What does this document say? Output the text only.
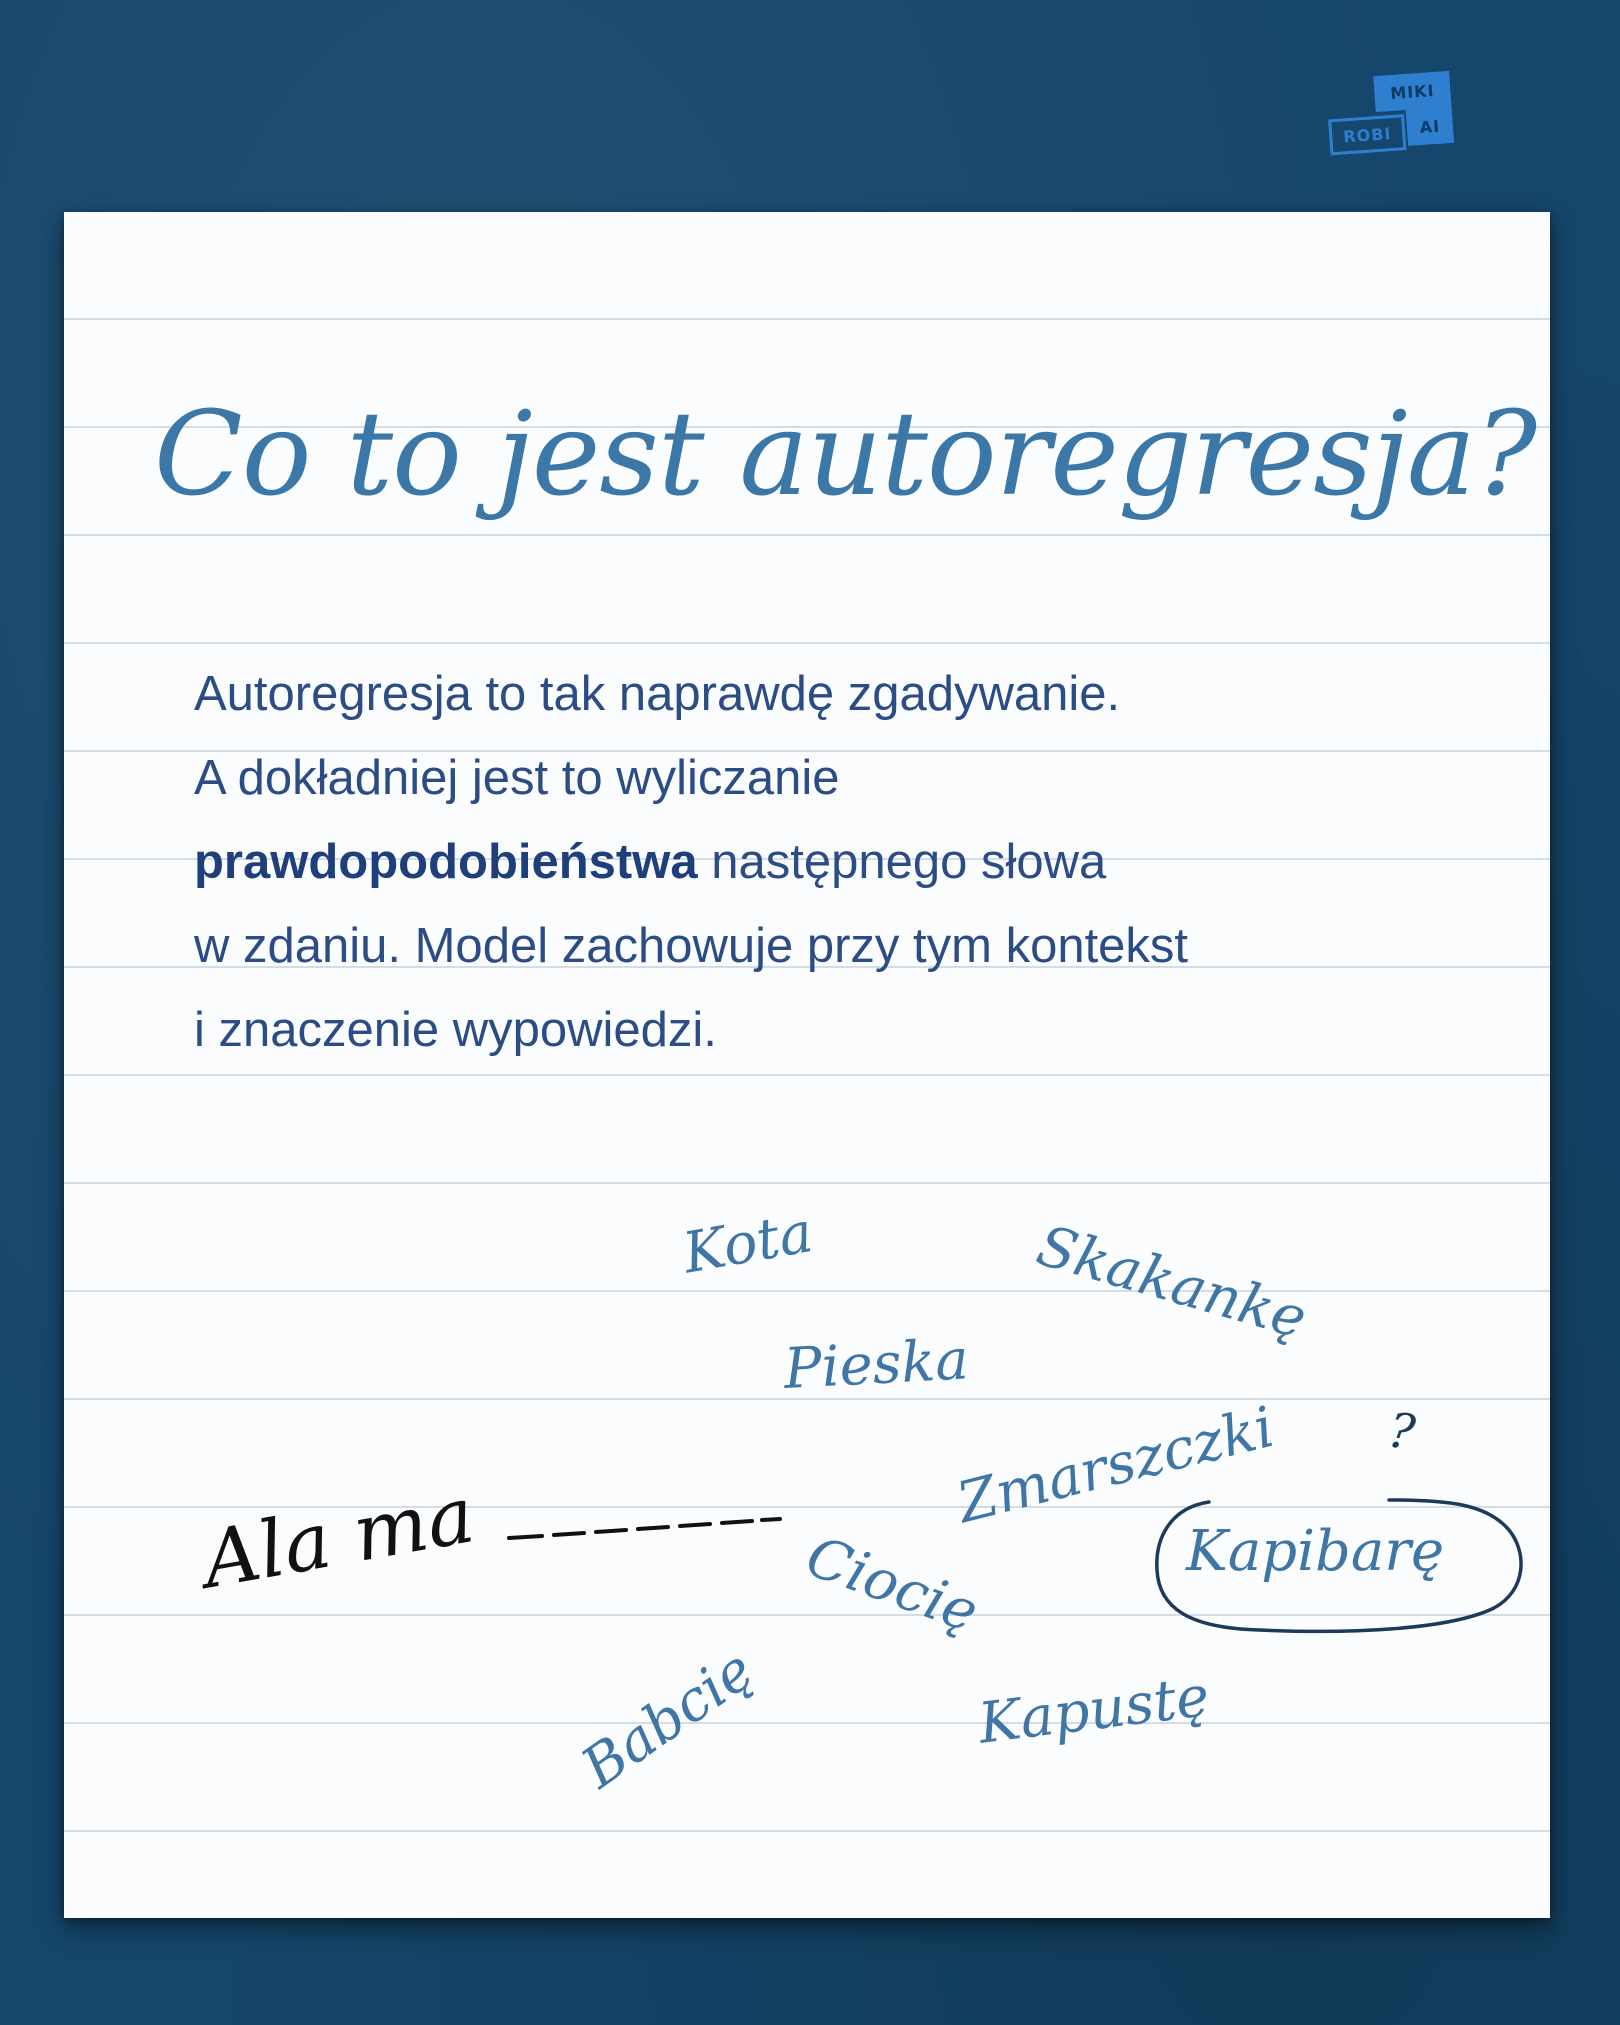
MIKI
ROBI	AI
Co to jest autoregresja?
Autoregresja to tak naprawdę zgadywanie.
A dokładniej jest to wyliczanie
prawdopodobieństwa następnego słowa
w zdaniu. Model zachowuje przy tym kontekst
i znaczenie wypowiedzi.
Ala ma
Kota	Skakankę
Pieska
Zmarszczki
Kapibarę
Ciocię
Babcię	Kapustę
?
